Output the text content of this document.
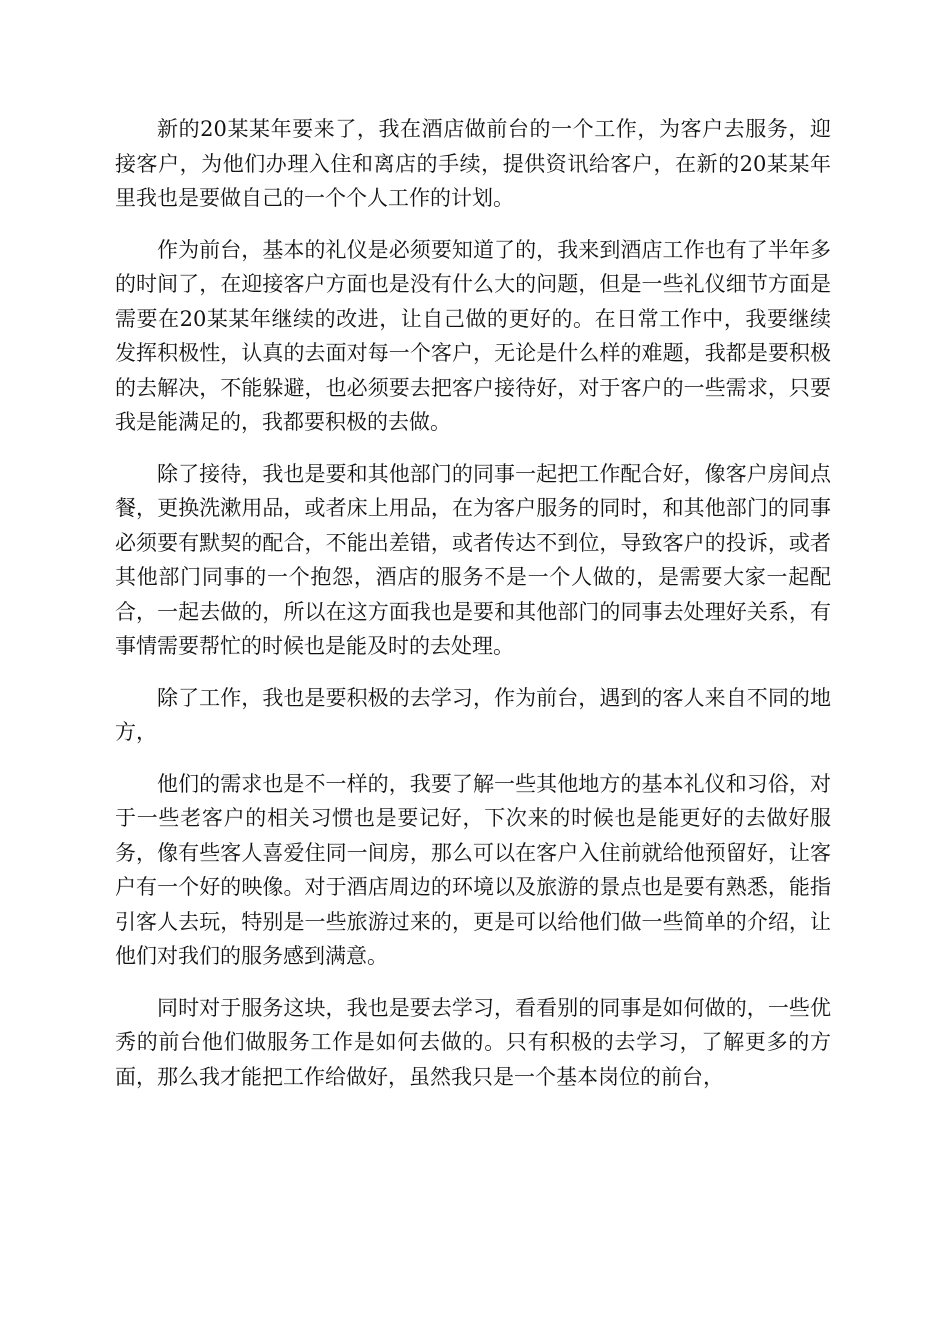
新的20某某年要来了，我在酒店做前台的一个工作，为客户去服务，迎接客户，为他们办理入住和离店的手续，提供资讯给客户，在新的20某某年里我也是要做自己的一个个人工作的计划。

作为前台，基本的礼仪是必须要知道了的，我来到酒店工作也有了半年多的时间了，在迎接客户方面也是没有什么大的问题，但是一些礼仪细节方面是需要在20某某年继续的改进，让自己做的更好的。在日常工作中，我要继续发挥积极性，认真的去面对每一个客户，无论是什么样的难题，我都是要积极的去解决，不能躲避，也必须要去把客户接待好，对于客户的一些需求，只要我是能满足的，我都要积极的去做。

除了接待，我也是要和其他部门的同事一起把工作配合好，像客户房间点餐，更换洗漱用品，或者床上用品，在为客户服务的同时，和其他部门的同事必须要有默契的配合，不能出差错，或者传达不到位，导致客户的投诉，或者其他部门同事的一个抱怨，酒店的服务不是一个人做的，是需要大家一起配合，一起去做的，所以在这方面我也是要和其他部门的同事去处理好关系，有事情需要帮忙的时候也是能及时的去处理。

除了工作，我也是要积极的去学习，作为前台，遇到的客人来自不同的地方，

他们的需求也是不一样的，我要了解一些其他地方的基本礼仪和习俗，对于一些老客户的相关习惯也是要记好，下次来的时候也是能更好的去做好服务，像有些客人喜爱住同一间房，那么可以在客户入住前就给他预留好，让客户有一个好的映像。对于酒店周边的环境以及旅游的景点也是要有熟悉，能指引客人去玩，特别是一些旅游过来的，更是可以给他们做一些简单的介绍，让他们对我们的服务感到满意。

同时对于服务这块，我也是要去学习，看看别的同事是如何做的，一些优秀的前台他们做服务工作是如何去做的。只有积极的去学习，了解更多的方面，那么我才能把工作给做好，虽然我只是一个基本岗位的前台，
